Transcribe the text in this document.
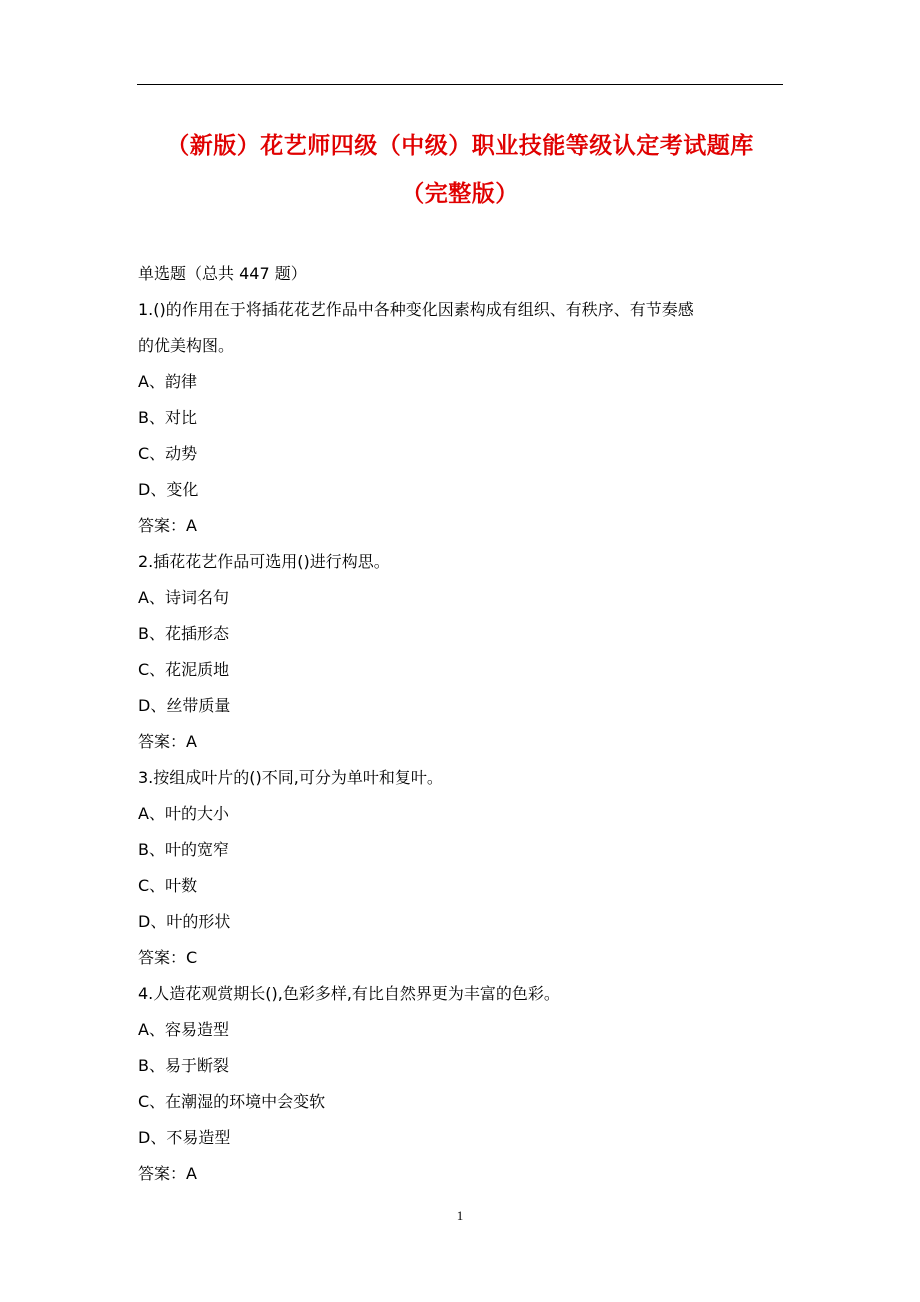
（新版）花艺师四级（中级）职业技能等级认定考试题库
（完整版）
单选题（总共 447 题）
1.()的作用在于将插花花艺作品中各种变化因素构成有组织、有秩序、有节奏感
的优美构图。
A、韵律
B、对比
C、动势
D、变化
答案：A
2.插花花艺作品可选用()进行构思。
A、诗词名句
B、花插形态
C、花泥质地
D、丝带质量
答案：A
3.按组成叶片的()不同,可分为单叶和复叶。
A、叶的大小
B、叶的宽窄
C、叶数
D、叶的形状
答案：C
4.人造花观赏期长(),色彩多样,有比自然界更为丰富的色彩。
A、容易造型
B、易于断裂
C、在潮湿的环境中会变软
D、不易造型
答案：A
1
